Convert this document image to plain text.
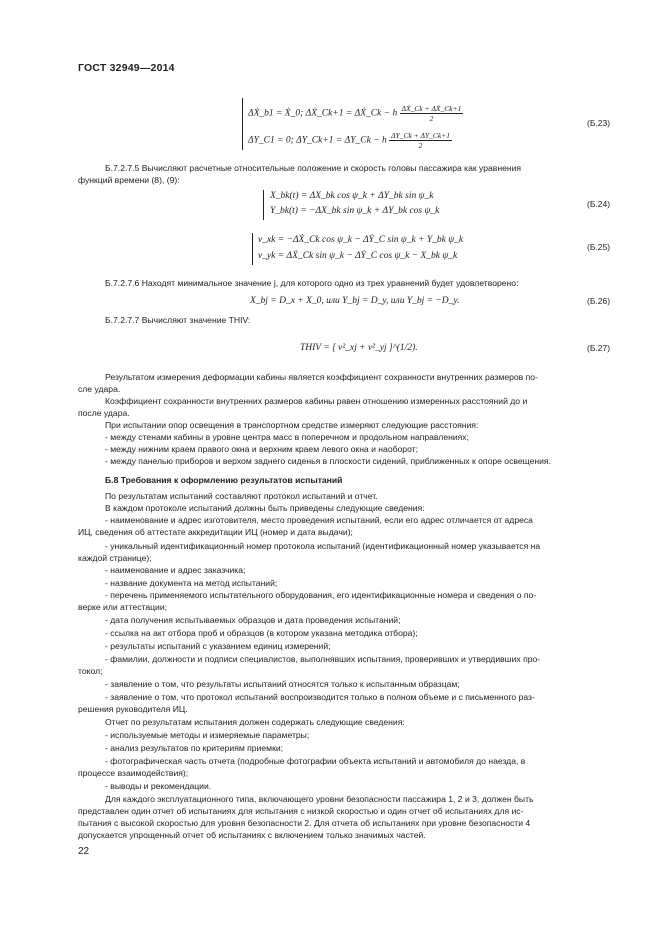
ГОСТ 32949—2014
ΔẊ_b1 = Ẋ_0; ΔẊ_Ck+1 = ΔẊ_Ck − h $\frac{\text{ΔẊ\_Ck + ΔẊ\_Ck+1}}{2}$
ΔY_C1 = 0; ΔY_Ck+1 = ΔY_Ck − h $\frac{\Delta Y\_Ck + \Delta Y\_Ck+1}{2}$
(Б.23)
Б.7.2.7.5 Вычисляют расчетные относительные положение и скорость головы пассажира как уравнения
функций времени (8), (9):
X_bk(t) = ΔX_bk cos ψ_k + ΔY_bk sin ψ_k
Y_bk(t) = −ΔX_bk sin ψ_k + ΔY_bk cos ψ_k
(Б.24)
v_xk = −ΔẊ_Ck cos ψ_k − ΔẎ_C sin ψ_k + Y_bk ψ_k
v_yk = ΔẊ_Ck sin ψ_k − ΔẎ_C cos ψ_k − X_bk ψ_k
(Б.25)
Б.7.2.7.6 Находят минимальное значение j, для которого одно из трех уравнений будет удовлетворено:
X_bj = D_x + X_0, или Y_bj = D_y, или Y_bj = −D_y.	(Б.26)
Б.7.2.7.7 Вычисляют значение THIV:
THIV = [ v²_xj + v²_yj ]^(1/2).	(Б.27)
Результатом измерения деформации кабины является коэффициент сохранности внутренних размеров по-
сле удара.
Коэффициент сохранности внутренних размеров кабины равен отношению измеренных расстояний до и
после удара.
При испытании опор освещения в транспортном средстве измеряют следующие расстояния:
- между стенами кабины в уровне центра масс в поперечном и продольном направлениях;
- между нижним краем правого окна и верхним краем левого окна и наоборот;
- между панелью приборов и верхом заднего сиденья в плоскости сидений, приближенных к опоре освещения.
Б.8 Требования к оформлению результатов испытаний
По результатам испытаний составляют протокол испытаний и отчет.
В каждом протоколе испытаний должны быть приведены следующие сведения:
- наименование и адрес изготовителя, место проведения испытаний, если его адрес отличается от адреса
ИЦ, сведения об аттестате аккредитации ИЦ (номер и дата выдачи);
- уникальный идентификационный номер протокола испытаний (идентификационный номер указывается на
каждой странице);
- наименование и адрес заказчика;
- название документа на метод испытаний;
- перечень применяемого испытательного оборудования, его идентификационные номера и сведения о по-
верке или аттестации;
- дата получения испытываемых образцов и дата проведения испытаний;
- ссылка на акт отбора проб и образцов (в котором указана методика отбора);
- результаты испытаний с указанием единиц измерений;
- фамилии, должности и подписи специалистов, выполнявших испытания, проверивших и утвердивших про-
токол;
- заявление о том, что результаты испытаний относятся только к испытанным образцам;
- заявление о том, что протокол испытаний воспроизводится только в полном объеме и с письменного раз-
решения руководителя ИЦ.
Отчет по результатам испытания должен содержать следующие сведения:
- используемые методы и измеряемые параметры;
- анализ результатов по критериям приемки;
- фотографическая часть отчета (подробные фотографии объекта испытаний и автомобиля до наезда, в
процессе взаимодействия);
- выводы и рекомендации.
Для каждого эксплуатационного типа, включающего уровни безопасности пассажира 1, 2 и 3, должен быть
представлен один отчет об испытаниях для испытания с низкой скоростью и один отчет об испытаниях для ис-
пытания с высокой скоростью для уровня безопасности 2. Для отчета об испытаниях при уровне безопасности 4
допускается упрощенный отчет об испытаниях с включением только значимых частей.
22
